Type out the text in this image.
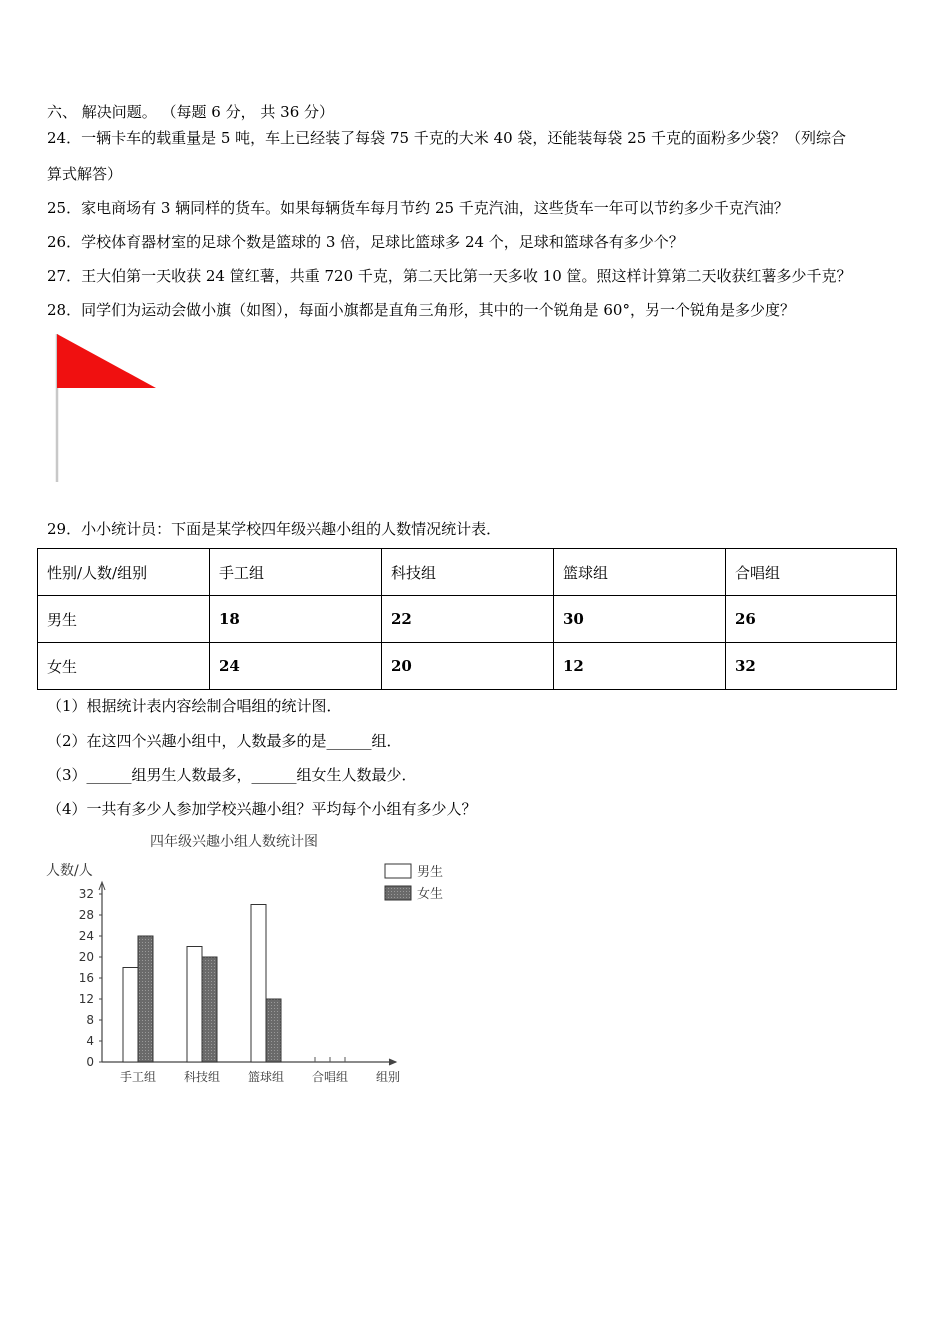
六、 解决问题。 （每题 6 分， 共 36 分）
24．一辆卡车的载重量是 5 吨，车上已经装了每袋 75 千克的大米 40 袋，还能装每袋 25 千克的面粉多少袋？（列综合
算式解答）
25．家电商场有 3 辆同样的货车。如果每辆货车每月节约 25 千克汽油，这些货车一年可以节约多少千克汽油？
26．学校体育器材室的足球个数是篮球的 3 倍，足球比篮球多 24 个，足球和篮球各有多少个？
27．王大伯第一天收获 24 筐红薯，共重 720 千克，第二天比第一天多收 10 筐。照这样计算第二天收获红薯多少千克？
28．同学们为运动会做小旗（如图），每面小旗都是直角三角形，其中的一个锐角是 60°，另一个锐角是多少度？
29．小小统计员：下面是某学校四年级兴趣小组的人数情况统计表．
性别/人数/组别	手工组	科技组	篮球组	合唱组
男生	18	22	30	26
女生	24	20	12	32
（1）根据统计表内容绘制合唱组的统计图．
（2）在这四个兴趣小组中，人数最多的是______组．
（3）______组男生人数最多，______组女生人数最少．
（4）一共有多少人参加学校兴趣小组？平均每个小组有多少人？
四年级兴趣小组人数统计图
人数/人
组别
男生
女生
0
4
8
12
16
20
24
28
32
手工组 科技组 篮球组 合唱组
